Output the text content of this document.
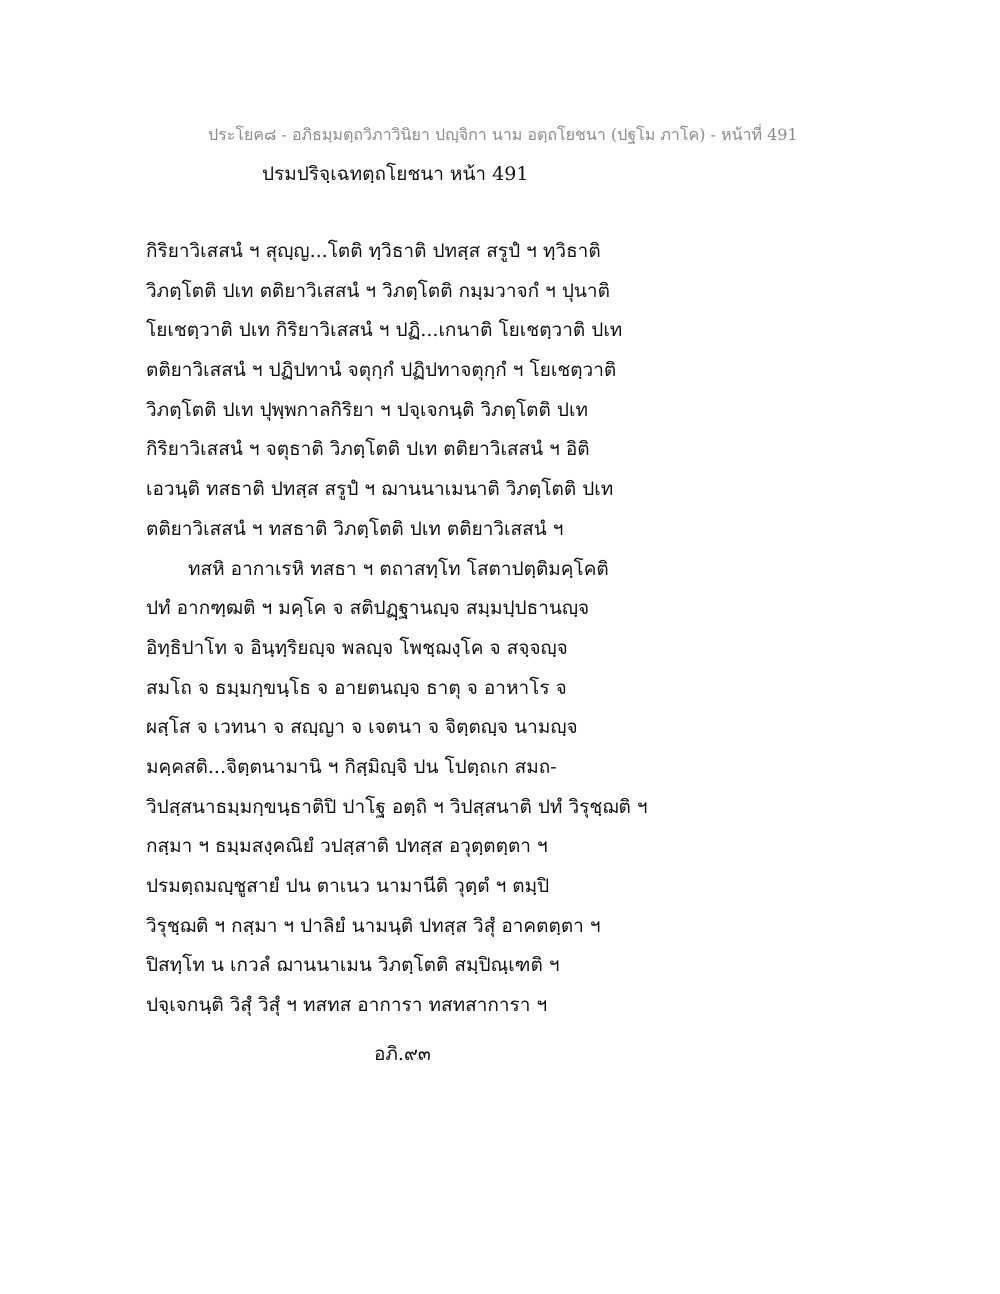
ประโยค๘ - อภิธมฺมตฺถวิภาวินิยา ปญฺจิกา นาม อตฺถโยชนา (ปฐโม ภาโค) - หน้าที่ 491
ปรมปริจฺเฉทตฺถโยชนา หน้า 491
กิริยาวิเสสนํ ฯ สุญฺญ...โตติ ทฺวิธาติ ปทสฺส สรูปํ ฯ ทฺวิธาติ
วิภตฺโตติ ปเท ตติยาวิเสสนํ ฯ วิภตฺโตติ กมฺมวาจกํ ฯ ปุนาติ
โยเชตฺวาติ ปเท กิริยาวิเสสนํ ฯ ปฏิ...เกนาติ โยเชตฺวาติ ปเท
ตติยาวิเสสนํ ฯ ปฏิปทานํ จตุกฺกํ ปฏิปทาจตุกฺกํ ฯ โยเชตฺวาติ
วิภตฺโตติ ปเท ปุพฺพกาลกิริยา ฯ ปจฺเจกนฺติ วิภตฺโตติ ปเท
กิริยาวิเสสนํ ฯ จตุธาติ วิภตฺโตติ ปเท ตติยาวิเสสนํ ฯ อิติ
เอวนฺติ ทสธาติ ปทสฺส สรูปํ ฯ ฌานนาเมนาติ วิภตฺโตติ ปเท
ตติยาวิเสสนํ ฯ ทสธาติ วิภตฺโตติ ปเท ตติยาวิเสสนํ ฯ
ทสหิ อากาเรหิ ทสธา ฯ ตถาสทฺโท โสตาปตฺติมคฺโคติ
ปทํ อากฑฺฒติ ฯ มคฺโค จ สติปฏฺฐานญฺจ สมฺมปฺปธานญฺจ
อิทฺธิปาโท จ อินฺทฺริยญฺจ พลญฺจ โพชฺฌงฺโค จ สจฺจญฺจ
สมโถ จ ธมฺมกฺขนฺโธ จ อายตนญฺจ ธาตุ จ อาหาโร จ
ผสฺโส จ เวทนา จ สญฺญา จ เจตนา จ จิตฺตญฺจ นามญฺจ
มคฺคสติ...จิตฺตนามานิ ฯ กิสฺมิญฺจิ ปน โปตฺถเก สมถ-
วิปสฺสนาธมฺมกฺขนฺธาติปิ ปาโฐ อตฺถิ ฯ วิปสฺสนาติ ปทํ วิรุชฺฌติ ฯ
กสฺมา ฯ ธมฺมสงฺคณิยํ วปสฺสาติ ปทสฺส อวุตฺตตฺตา ฯ
ปรมตฺถมญฺชูสายํ ปน ตาเนว นามานีติ วุตฺตํ ฯ ตมฺปิ
วิรุชฺฌติ ฯ กสฺมา ฯ ปาลิยํ นามนฺติ ปทสฺส วิสุํ อาคตตฺตา ฯ
ปิสทฺโท น เกวลํ ฌานนาเมน วิภตฺโตติ สมฺปิณฺเฑติ ฯ
ปจฺเจกนฺติ วิสุํ วิสุํ ฯ ทสทส อาการา ทสทสาการา ฯ
อภิ.๙๓
